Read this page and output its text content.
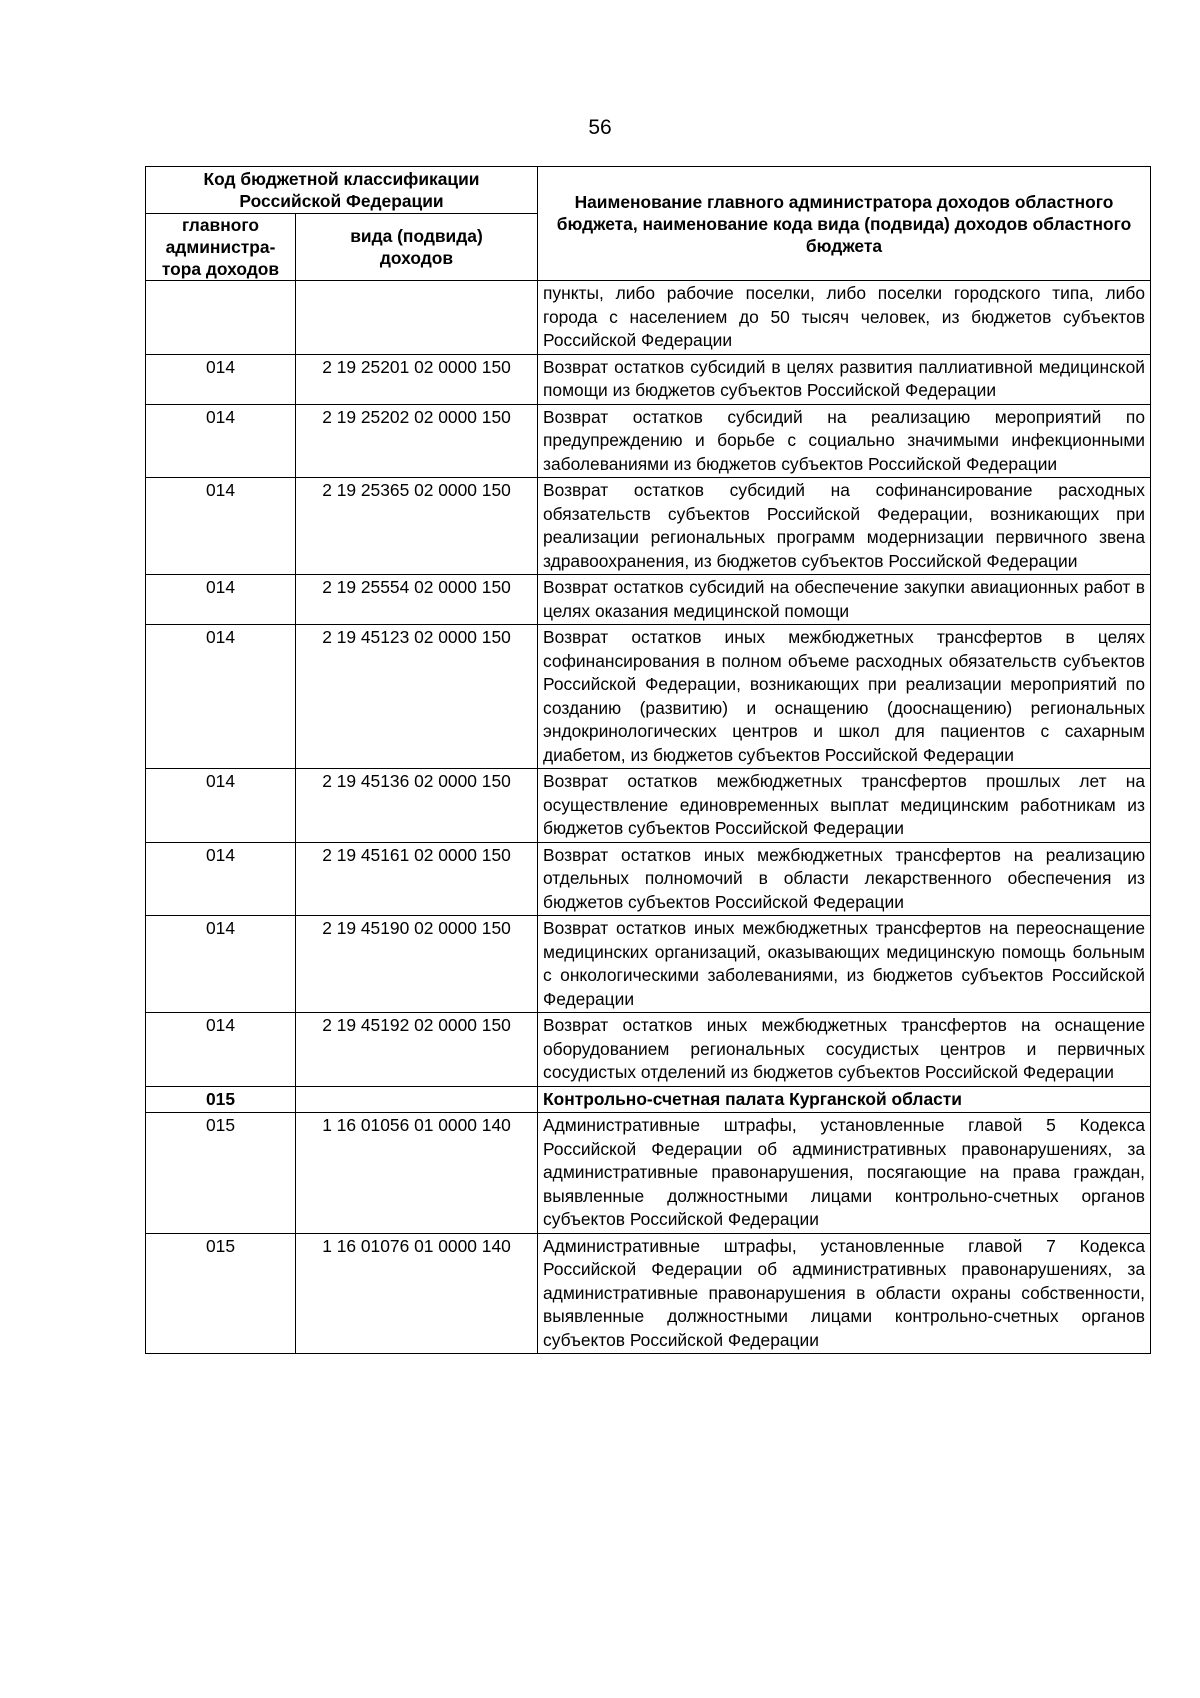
56
Код бюджетной классификации Российской Федерации		Наименование главного администратора доходов областного бюджета, наименование кода вида (подвида) доходов областного бюджета
главного администра-тора доходов	вида (подвида) доходов	
		пункты, либо рабочие поселки, либо поселки городского типа, либо города с населением до 50 тысяч человек, из бюджетов субъектов Российской Федерации
014	2 19 25201 02 0000 150	Возврат остатков субсидий в целях развития паллиативной медицинской помощи из бюджетов субъектов Российской Федерации
014	2 19 25202 02 0000 150	Возврат остатков субсидий на реализацию мероприятий по предупреждению и борьбе с социально значимыми инфекционными заболеваниями из бюджетов субъектов Российской Федерации
014	2 19 25365 02 0000 150	Возврат остатков субсидий на софинансирование расходных обязательств субъектов Российской Федерации, возникающих при реализации региональных программ модернизации первичного звена здравоохранения, из бюджетов субъектов Российской Федерации
014	2 19 25554 02 0000 150	Возврат остатков субсидий на обеспечение закупки авиационных работ в целях оказания медицинской помощи
014	2 19 45123 02 0000 150	Возврат остатков иных межбюджетных трансфертов в целях софинансирования в полном объеме расходных обязательств субъектов Российской Федерации, возникающих при реализации мероприятий по созданию (развитию) и оснащению (дооснащению) региональных эндокринологических центров и школ для пациентов с сахарным диабетом, из бюджетов субъектов Российской Федерации
014	2 19 45136 02 0000 150	Возврат остатков межбюджетных трансфертов прошлых лет на осуществление единовременных выплат медицинским работникам из бюджетов субъектов Российской Федерации
014	2 19 45161 02 0000 150	Возврат остатков иных межбюджетных трансфертов на реализацию отдельных полномочий в области лекарственного обеспечения из бюджетов субъектов Российской Федерации
014	2 19 45190 02 0000 150	Возврат остатков иных межбюджетных трансфертов на переоснащение медицинских организаций, оказывающих медицинскую помощь больным с онкологическими заболеваниями, из бюджетов субъектов Российской Федерации
014	2 19 45192 02 0000 150	Возврат остатков иных межбюджетных трансфертов на оснащение оборудованием региональных сосудистых центров и первичных сосудистых отделений из бюджетов субъектов Российской Федерации
015		Контрольно-счетная палата Курганской области
015	1 16 01056 01 0000 140	Административные штрафы, установленные главой 5 Кодекса Российской Федерации об административных правонарушениях, за административные правонарушения, посягающие на права граждан, выявленные должностными лицами контрольно-счетных органов субъектов Российской Федерации
015	1 16 01076 01 0000 140	Административные штрафы, установленные главой 7 Кодекса Российской Федерации об административных правонарушениях, за административные правонарушения в области охраны собственности, выявленные должностными лицами контрольно-счетных органов субъектов Российской Федерации
